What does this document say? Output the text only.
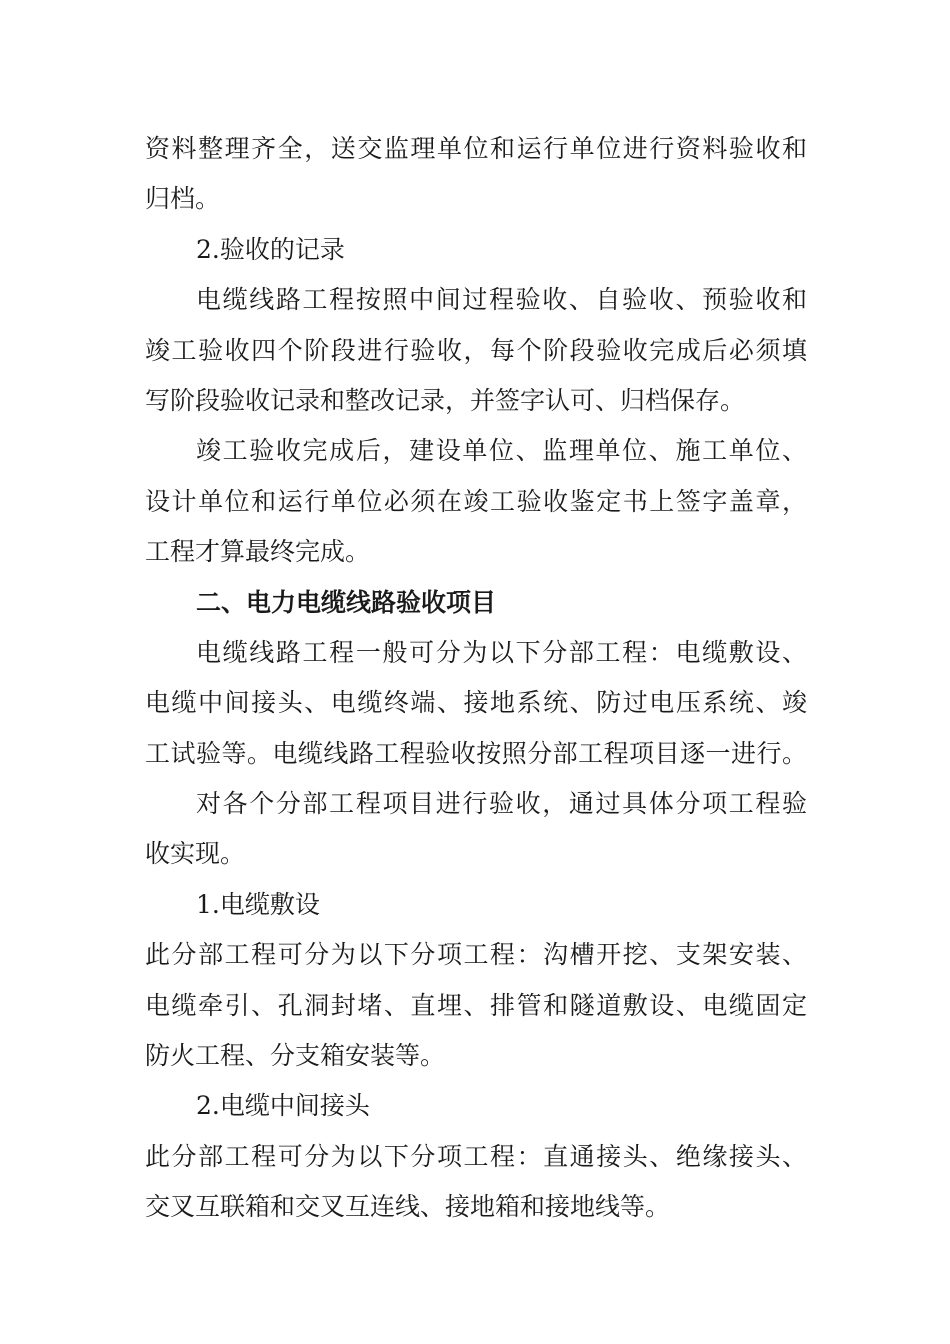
资料整理齐全，送交监理单位和运行单位进行资料验收和
归档。
2.验收的记录
电缆线路工程按照中间过程验收、自验收、预验收和
竣工验收四个阶段进行验收，每个阶段验收完成后必须填
写阶段验收记录和整改记录，并签字认可、归档保存。
竣工验收完成后，建设单位、监理单位、施工单位、
设计单位和运行单位必须在竣工验收鉴定书上签字盖章，
工程才算最终完成。
二、电力电缆线路验收项目
电缆线路工程一般可分为以下分部工程：电缆敷设、
电缆中间接头、电缆终端、接地系统、防过电压系统、竣
工试验等。电缆线路工程验收按照分部工程项目逐一进行。
对各个分部工程项目进行验收，通过具体分项工程验
收实现。
1.电缆敷设
此分部工程可分为以下分项工程：沟槽开挖、支架安装、
电缆牵引、孔洞封堵、直埋、排管和隧道敷设、电缆固定
防火工程、分支箱安装等。
2.电缆中间接头
此分部工程可分为以下分项工程：直通接头、绝缘接头、
交叉互联箱和交叉互连线、接地箱和接地线等。
